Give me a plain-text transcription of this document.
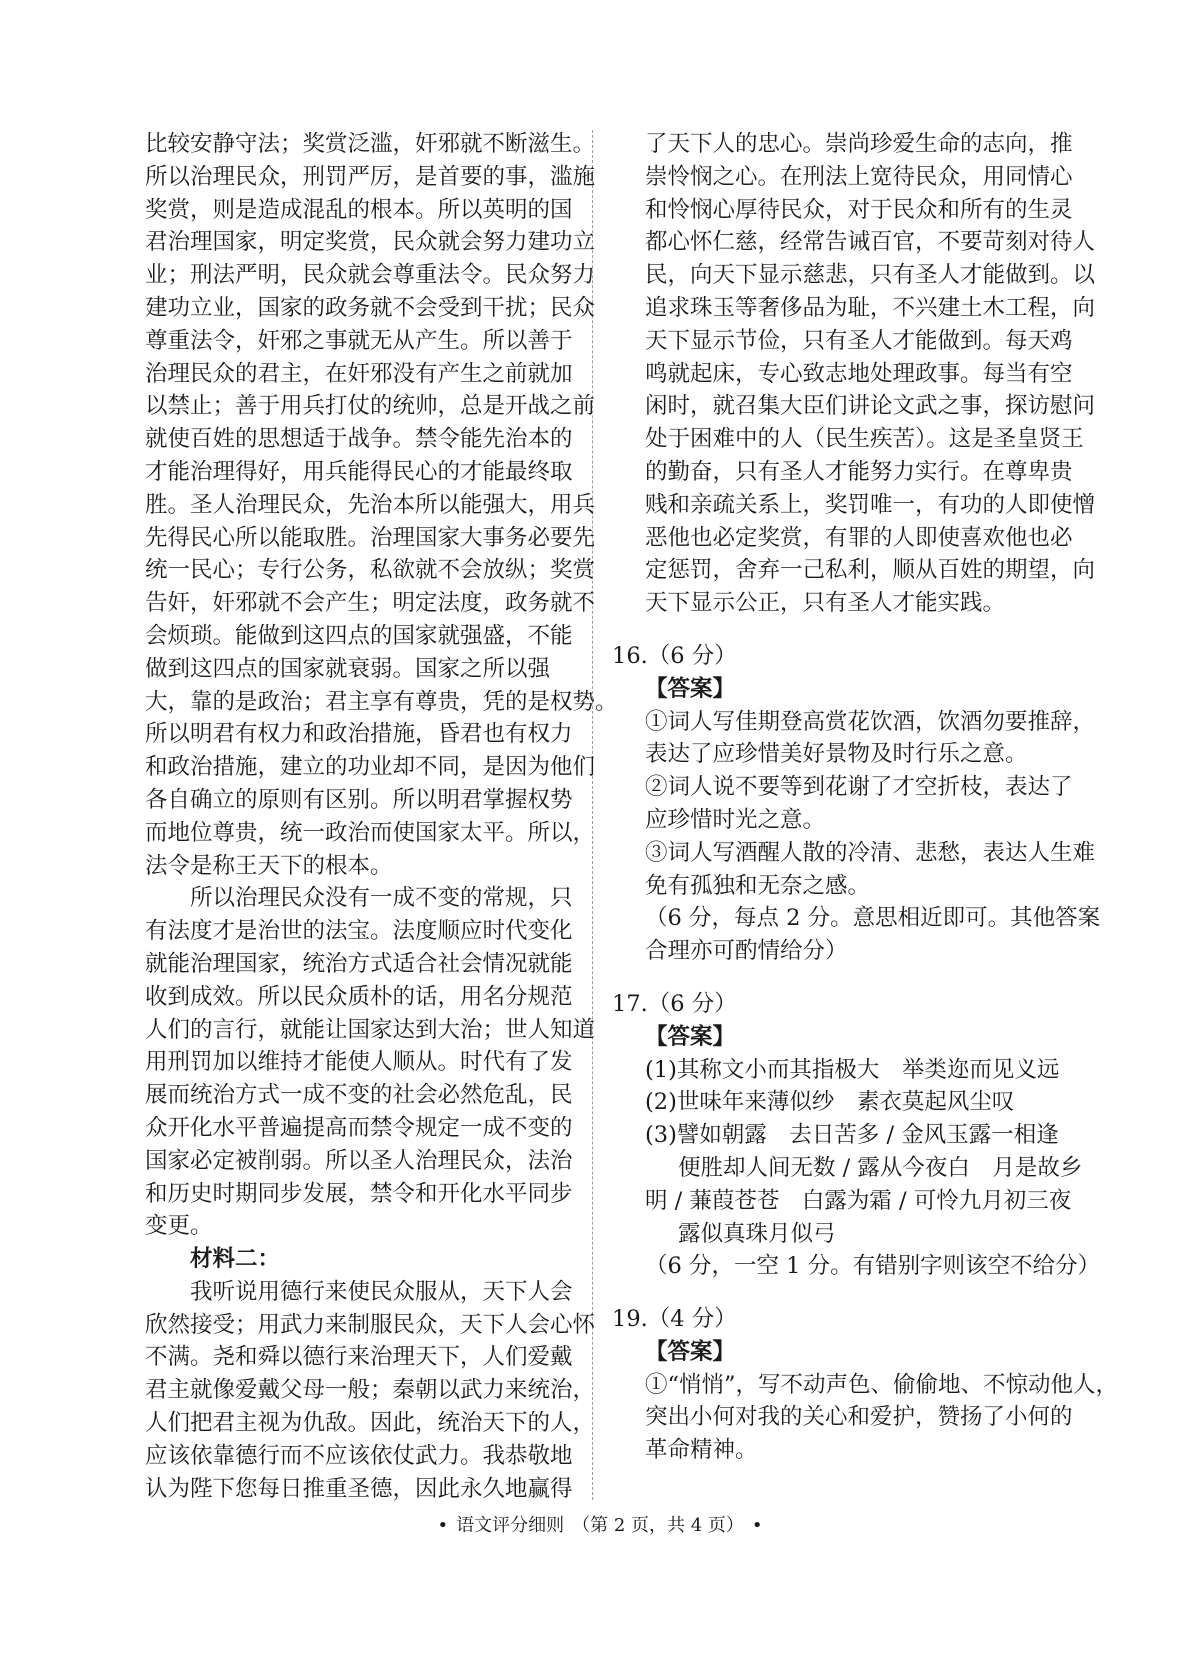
比较安静守法；奖赏泛滥，奸邪就不断滋生。
所以治理民众，刑罚严厉，是首要的事，滥施
奖赏，则是造成混乱的根本。所以英明的国
君治理国家，明定奖赏，民众就会努力建功立
业；刑法严明，民众就会尊重法令。民众努力
建功立业，国家的政务就不会受到干扰；民众
尊重法令，奸邪之事就无从产生。所以善于
治理民众的君主，在奸邪没有产生之前就加
以禁止；善于用兵打仗的统帅，总是开战之前
就使百姓的思想适于战争。禁令能先治本的
才能治理得好，用兵能得民心的才能最终取
胜。圣人治理民众，先治本所以能强大，用兵
先得民心所以能取胜。治理国家大事务必要先
统一民心；专行公务，私欲就不会放纵；奖赏
告奸，奸邪就不会产生；明定法度，政务就不
会烦琐。能做到这四点的国家就强盛，不能
做到这四点的国家就衰弱。国家之所以强
大，靠的是政治；君主享有尊贵，凭的是权势。
所以明君有权力和政治措施，昏君也有权力
和政治措施，建立的功业却不同，是因为他们
各自确立的原则有区别。所以明君掌握权势
而地位尊贵，统一政治而使国家太平。所以，
法令是称王天下的根本。
所以治理民众没有一成不变的常规，只
有法度才是治世的法宝。法度顺应时代变化
就能治理国家，统治方式适合社会情况就能
收到成效。所以民众质朴的话，用名分规范
人们的言行，就能让国家达到大治；世人知道
用刑罚加以维持才能使人顺从。时代有了发
展而统治方式一成不变的社会必然危乱，民
众开化水平普遍提高而禁令规定一成不变的
国家必定被削弱。所以圣人治理民众，法治
和历史时期同步发展，禁令和开化水平同步
变更。
材料二：
我听说用德行来使民众服从，天下人会
欣然接受；用武力来制服民众，天下人会心怀
不满。尧和舜以德行来治理天下，人们爱戴
君主就像爱戴父母一般；秦朝以武力来统治，
人们把君主视为仇敌。因此，统治天下的人，
应该依靠德行而不应该依仗武力。我恭敬地
认为陛下您每日推重圣德，因此永久地赢得
了天下人的忠心。崇尚珍爱生命的志向，推
崇怜悯之心。在刑法上宽待民众，用同情心
和怜悯心厚待民众，对于民众和所有的生灵
都心怀仁慈，经常告诫百官，不要苛刻对待人
民，向天下显示慈悲，只有圣人才能做到。以
追求珠玉等奢侈品为耻，不兴建土木工程，向
天下显示节俭，只有圣人才能做到。每天鸡
鸣就起床，专心致志地处理政事。每当有空
闲时，就召集大臣们讲论文武之事，探访慰问
处于困难中的人（民生疾苦）。这是圣皇贤王
的勤奋，只有圣人才能努力实行。在尊卑贵
贱和亲疏关系上，奖罚唯一，有功的人即使憎
恶他也必定奖赏，有罪的人即使喜欢他也必
定惩罚，舍弃一己私利，顺从百姓的期望，向
天下显示公正，只有圣人才能实践。
16.（6 分）
【答案】
①词人写佳期登高赏花饮酒，饮酒勿要推辞，
表达了应珍惜美好景物及时行乐之意。
②词人说不要等到花谢了才空折枝，表达了
应珍惜时光之意。
③词人写酒醒人散的冷清、悲愁，表达人生难
免有孤独和无奈之感。
（6 分，每点 2 分。意思相近即可。其他答案
合理亦可酌情给分）
17.（6 分）
【答案】
(1)其称文小而其指极大　举类迩而见义远
(2)世味年来薄似纱　素衣莫起风尘叹
(3)譬如朝露　去日苦多 / 金风玉露一相逢
便胜却人间无数 / 露从今夜白　月是故乡
明 / 蒹葭苍苍　白露为霜 / 可怜九月初三夜
露似真珠月似弓
（6 分，一空 1 分。有错别字则该空不给分）
19.（4 分）
【答案】
①“悄悄”，写不动声色、偷偷地、不惊动他人，
突出小何对我的关心和爱护，赞扬了小何的
革命精神。
• 语文评分细则 （第 2 页，共 4 页） •
